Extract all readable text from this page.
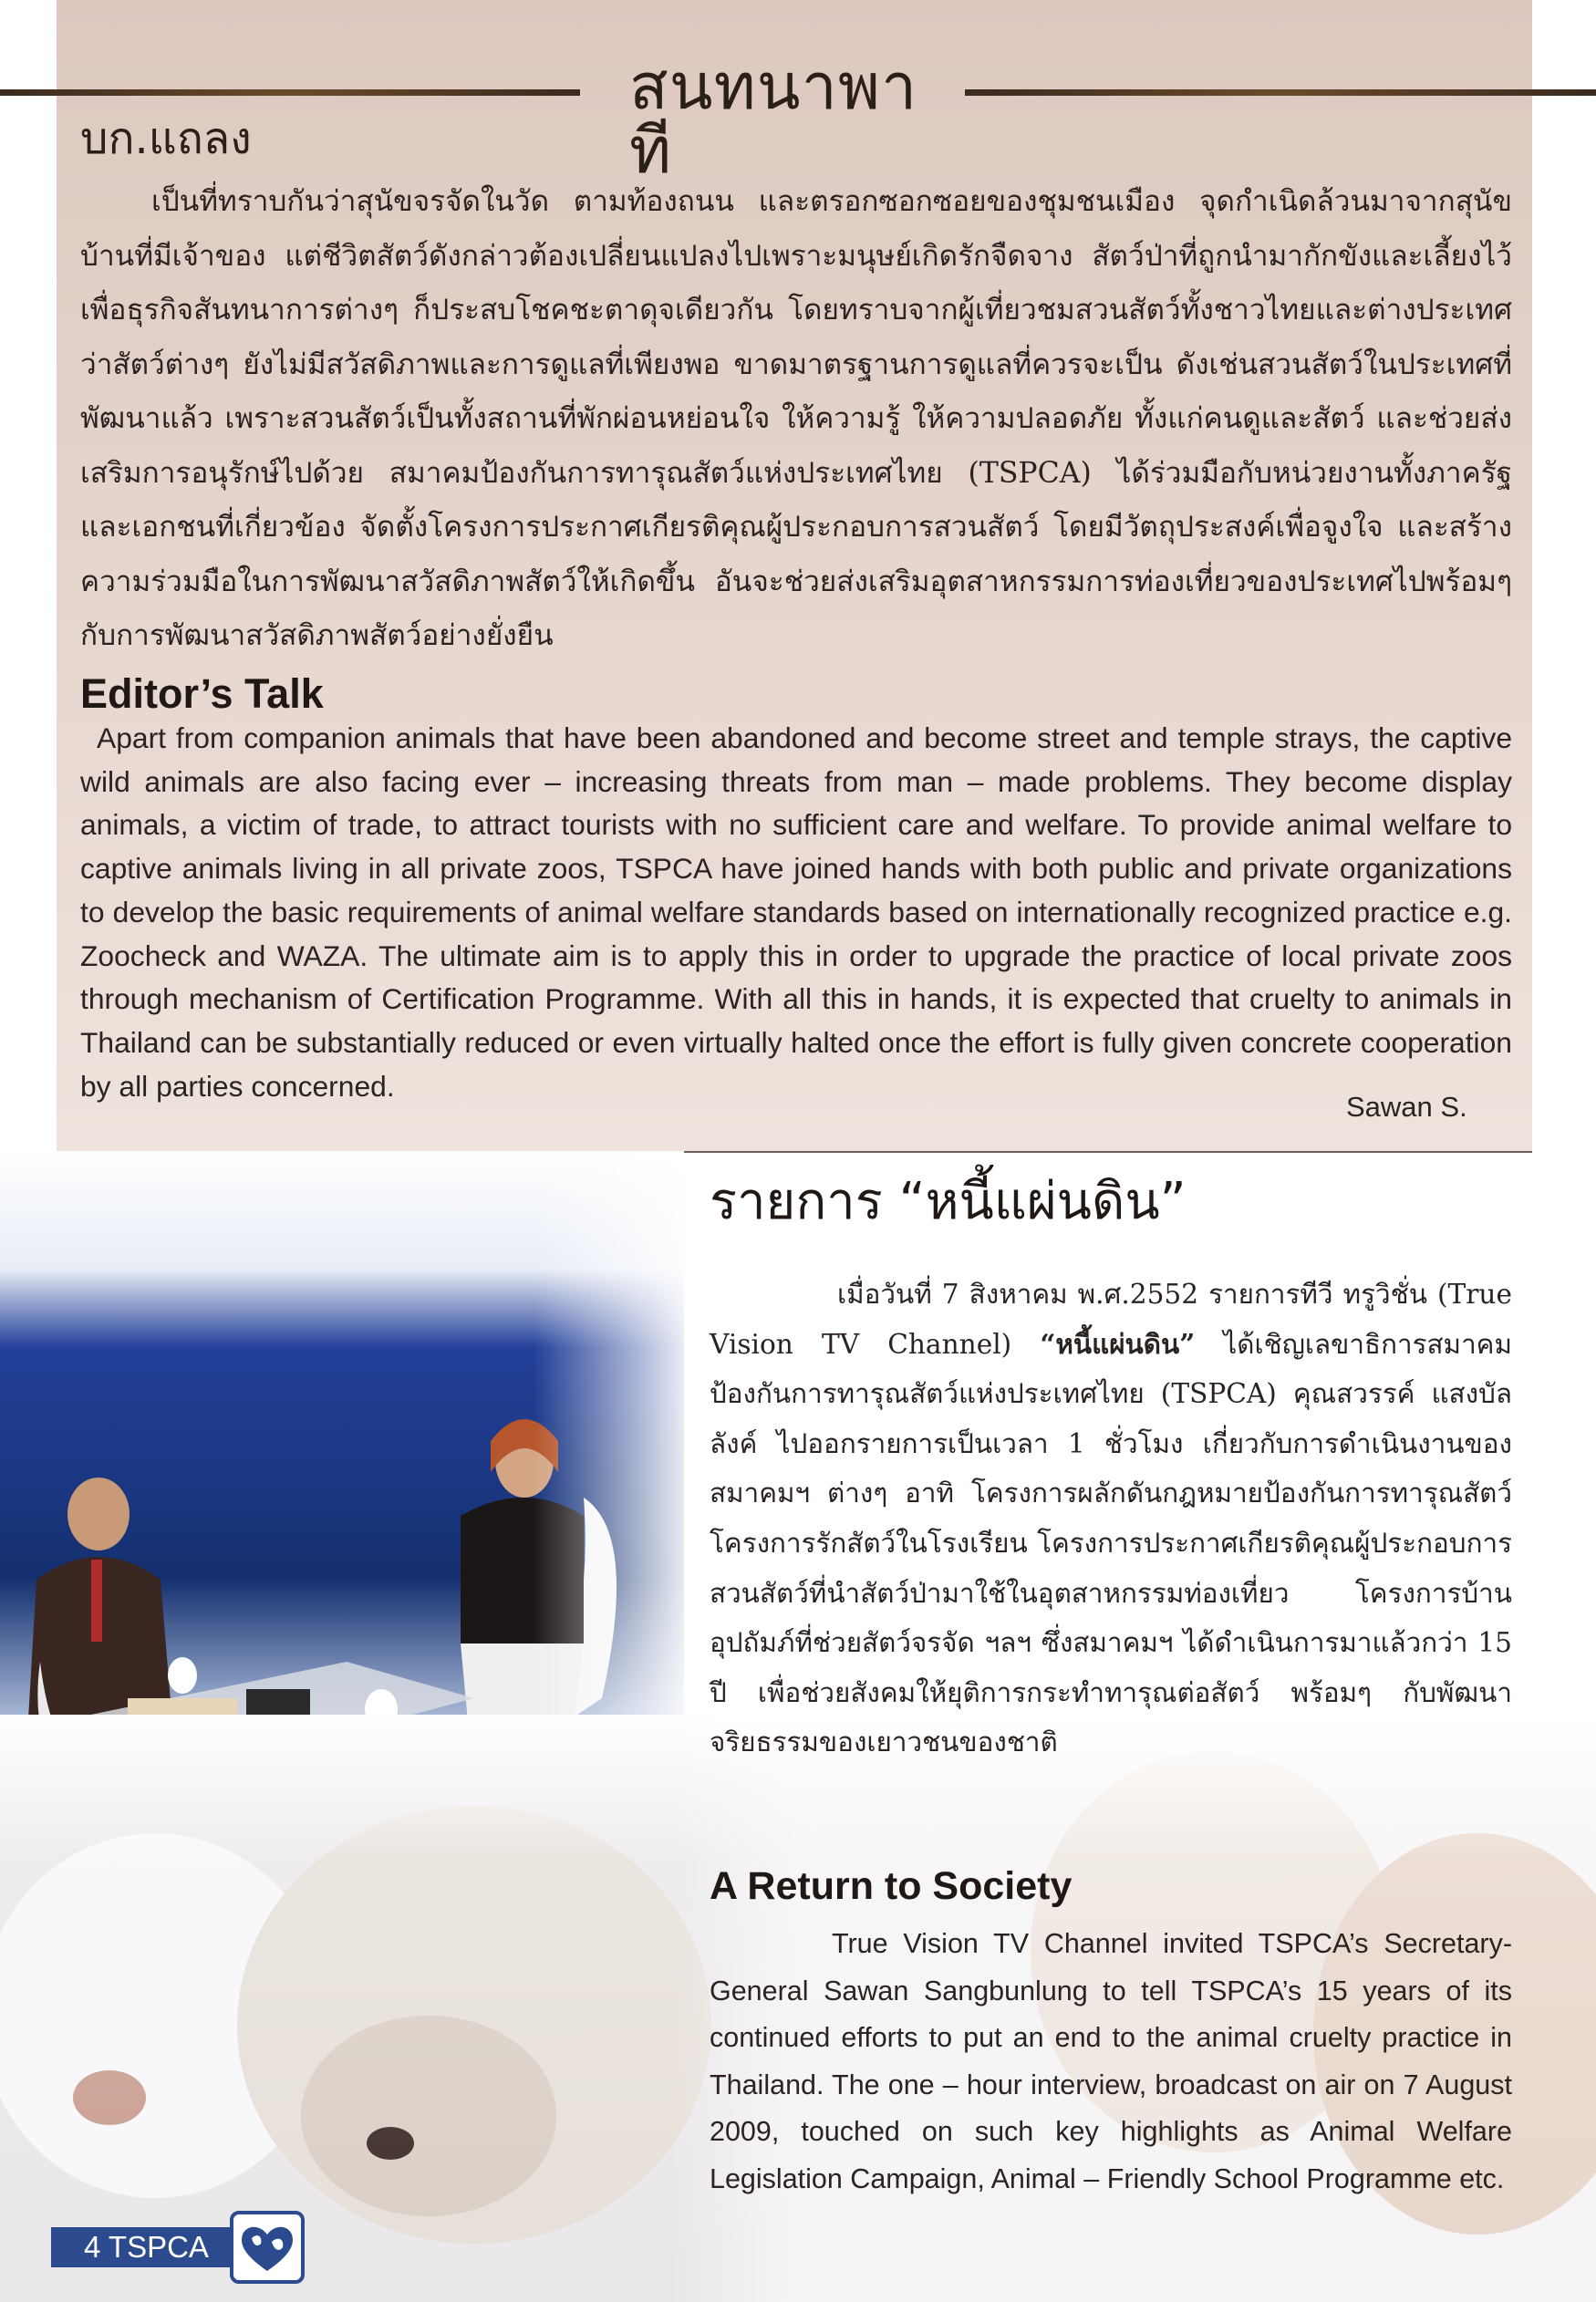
สนทนาพาที
บก.แถลง
เป็นที่ทราบกันว่าสุนัขจรจัดในวัด ตามท้องถนน และตรอกซอกซอยของชุมชนเมือง จุดกำเนิดล้วนมาจากสุนัขบ้านที่มีเจ้าของ แต่ชีวิตสัตว์ดังกล่าวต้องเปลี่ยนแปลงไปเพราะมนุษย์เกิดรักจืดจาง สัตว์ป่าที่ถูกนำมากักขังและเลี้ยงไว้เพื่อธุรกิจสันทนาการต่างๆ ก็ประสบโชคชะตาดุจเดียวกัน โดยทราบจากผู้เที่ยวชมสวนสัตว์ทั้งชาวไทยและต่างประเทศว่าสัตว์ต่างๆ ยังไม่มีสวัสดิภาพและการดูแลที่เพียงพอ ขาดมาตรฐานการดูแลที่ควรจะเป็น ดังเช่นสวนสัตว์ในประเทศที่พัฒนาแล้ว เพราะสวนสัตว์เป็นทั้งสถานที่พักผ่อนหย่อนใจ ให้ความรู้ ให้ความปลอดภัย ทั้งแก่คนดูและสัตว์ และช่วยส่งเสริมการอนุรักษ์ไปด้วย สมาคมป้องกันการทารุณสัตว์แห่งประเทศไทย (TSPCA) ได้ร่วมมือกับหน่วยงานทั้งภาครัฐและเอกชนที่เกี่ยวข้อง จัดตั้งโครงการประกาศเกียรติคุณผู้ประกอบการสวนสัตว์ โดยมีวัตถุประสงค์เพื่อจูงใจ และสร้างความร่วมมือในการพัฒนาสวัสดิภาพสัตว์ให้เกิดขึ้น อันจะช่วยส่งเสริมอุตสาหกรรมการท่องเที่ยวของประเทศไปพร้อมๆ กับการพัฒนาสวัสดิภาพสัตว์อย่างยั่งยืน
Editor’s Talk
Apart from companion animals that have been abandoned and become street and temple strays, the captive wild animals are also facing ever – increasing threats from man – made problems. They become display animals, a victim of trade, to attract tourists with no sufficient care and welfare. To provide animal welfare to captive animals living in all private zoos, TSPCA have joined hands with both public and private organizations to develop the basic requirements of animal welfare standards based on internationally recognized practice e.g. Zoocheck and WAZA. The ultimate aim is to apply this in order to upgrade the practice of local private zoos through mechanism of Certification Programme. With all this in hands, it is expected that cruelty to animals in Thailand can be substantially reduced or even virtually halted once the effort is fully given concrete cooperation by all parties concerned.
Sawan S.
รายการ “หนี้แผ่นดิน”
เมื่อวันที่ 7 สิงหาคม พ.ศ.2552 รายการทีวี ทรูวิชั่น (True Vision TV Channel) “หนี้แผ่นดิน” ได้เชิญเลขาธิการสมาคมป้องกันการทารุณสัตว์แห่งประเทศไทย (TSPCA) คุณสวรรค์ แสงบัลลังค์ ไปออกรายการเป็นเวลา 1 ชั่วโมง เกี่ยวกับการดำเนินงานของสมาคมฯ ต่างๆ อาทิ โครงการผลักดันกฎหมายป้องกันการทารุณสัตว์ โครงการรักสัตว์ในโรงเรียน โครงการประกาศเกียรติคุณผู้ประกอบการสวนสัตว์ที่นำสัตว์ป่ามาใช้ในอุตสาหกรรมท่องเที่ยว โครงการบ้านอุปถัมภ์ที่ช่วยสัตว์จรจัด ฯลฯ ซึ่งสมาคมฯ ได้ดำเนินการมาแล้วกว่า 15 ปี เพื่อช่วยสังคมให้ยุติการกระทำทารุณต่อสัตว์ พร้อมๆ กับพัฒนาจริยธรรมของเยาวชนของชาติ
A Return to Society
True Vision TV Channel invited TSPCA’s Secretary-General Sawan Sangbunlung to tell TSPCA’s 15 years of its continued efforts to put an end to the animal cruelty practice in Thailand. The one – hour interview, broadcast on air on 7 August 2009, touched on such key highlights as Animal Welfare Legislation Campaign, Animal – Friendly School Programme etc.
4 TSPCA
